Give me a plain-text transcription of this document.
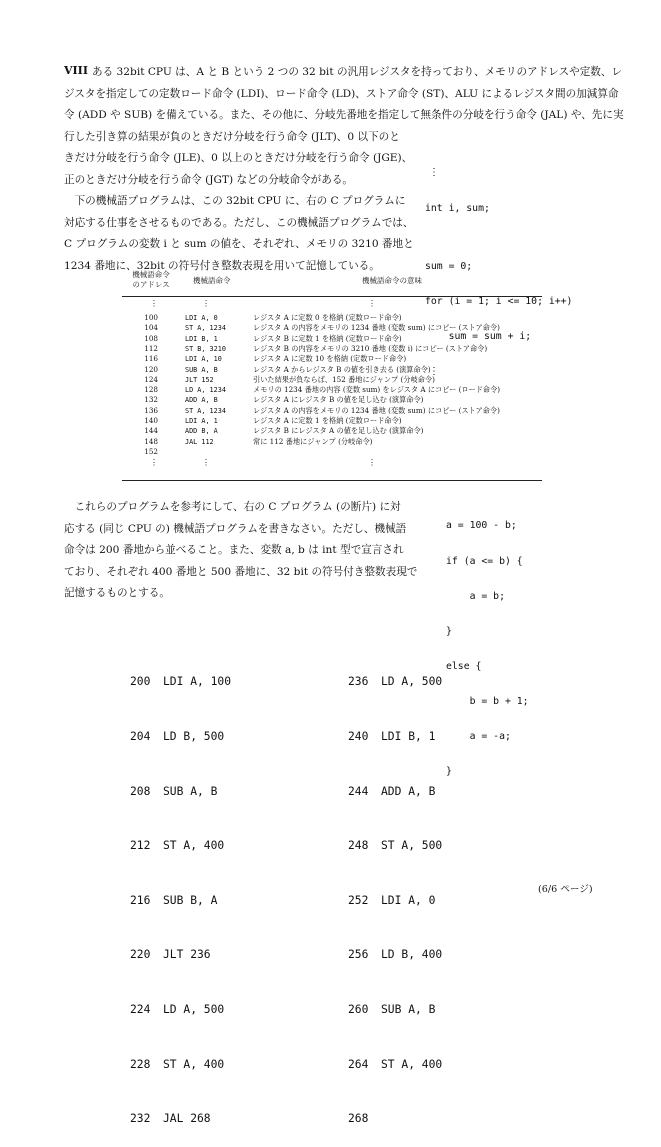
VIII ある 32bit CPU は、A と B という 2 つの 32 bit の汎用レジスタを持っており、メモリのアドレスや定数、レ
ジスタを指定しての定数ロード命令 (LDI)、ロード命令 (LD)、ストア命令 (ST)、ALU によるレジスタ間の加減算命
令 (ADD や SUB) を備えている。また、その他に、分岐先番地を指定して無条件の分岐を行う命令 (JAL) や、先に実
行した引き算の結果が負のときだけ分岐を行う命令 (JLT)、0 以下のと
きだけ分岐を行う命令 (JLE)、0 以上のときだけ分岐を行う命令 (JGE)、
正のときだけ分岐を行う命令 (JGT) などの分岐命令がある。
　下の機械語プログラムは、この 32bit CPU に、右の C プログラムに
対応する仕事をさせるものである。ただし、この機械語プログラムでは、
C プログラムの変数 i と sum の値を、それぞれ、メモリの 3210 番地と
1234 番地に、32bit の符号付き整数表現を用いて記憶している。

⋮

int i, sum;

sum = 0;

for (i = 1; i <= 10; i++)

sum = sum + i;

⋮

機械語命令
のアドレス	機械語命令	機械語命令の意味
⋮	⋮	⋮
100	LDI A, 0	レジスタ A に定数 0 を格納 (定数ロード命令)
104	ST A, 1234	レジスタ A の内容をメモリの 1234 番地 (変数 sum) にコピー (ストア命令)
108	LDI B, 1	レジスタ B に定数 1 を格納 (定数ロード命令)
112	ST B, 3210	レジスタ B の内容をメモリの 3210 番地 (変数 i) にコピー (ストア命令)
116	LDI A, 10	レジスタ A に定数 10 を格納 (定数ロード命令)
120	SUB A, B	レジスタ A からレジスタ B の値を引き去る (演算命令)
124	JLT 152	引いた結果が負ならば、152 番地にジャンプ (分岐命令)
128	LD A, 1234	メモリの 1234 番地の内容 (変数 sum) をレジスタ A にコピー (ロード命令)
132	ADD A, B	レジスタ A にレジスタ B の値を足し込む (演算命令)
136	ST A, 1234	レジスタ A の内容をメモリの 1234 番地 (変数 sum) にコピー (ストア命令)
140	LDI A, 1	レジスタ A に定数 1 を格納 (定数ロード命令)
144	ADD B, A	レジスタ B にレジスタ A の値を足し込む (演算命令)
148	JAL 112	常に 112 番地にジャンプ (分岐命令)
152
⋮	⋮	⋮
　これらのプログラムを参考にして、右の C プログラム (の断片) に対
応する (同じ CPU の) 機械語プログラムを書きなさい。ただし、機械語
命令は 200 番地から並べること。また、変数 a, b は int 型で宣言され
ており、それぞれ 400 番地と 500 番地に、32 bit の符号付き整数表現で
記憶するものとする。

a = 100 - b;

if (a <= b) {

a = b;

}

else {

b = b + 1;

a = -a;

}

200 LDI A, 100

204 LD B, 500

208 SUB A, B

212 ST A, 400

216 SUB B, A

220 JLT 236

224 LD A, 500

228 ST A, 400

232 JAL 268

236 LD A, 500

240 LDI B, 1

244 ADD A, B

248 ST A, 500

252 LDI A, 0

256 LD B, 400

260 SUB A, B

264 ST A, 400

268

(6/6 ページ)
